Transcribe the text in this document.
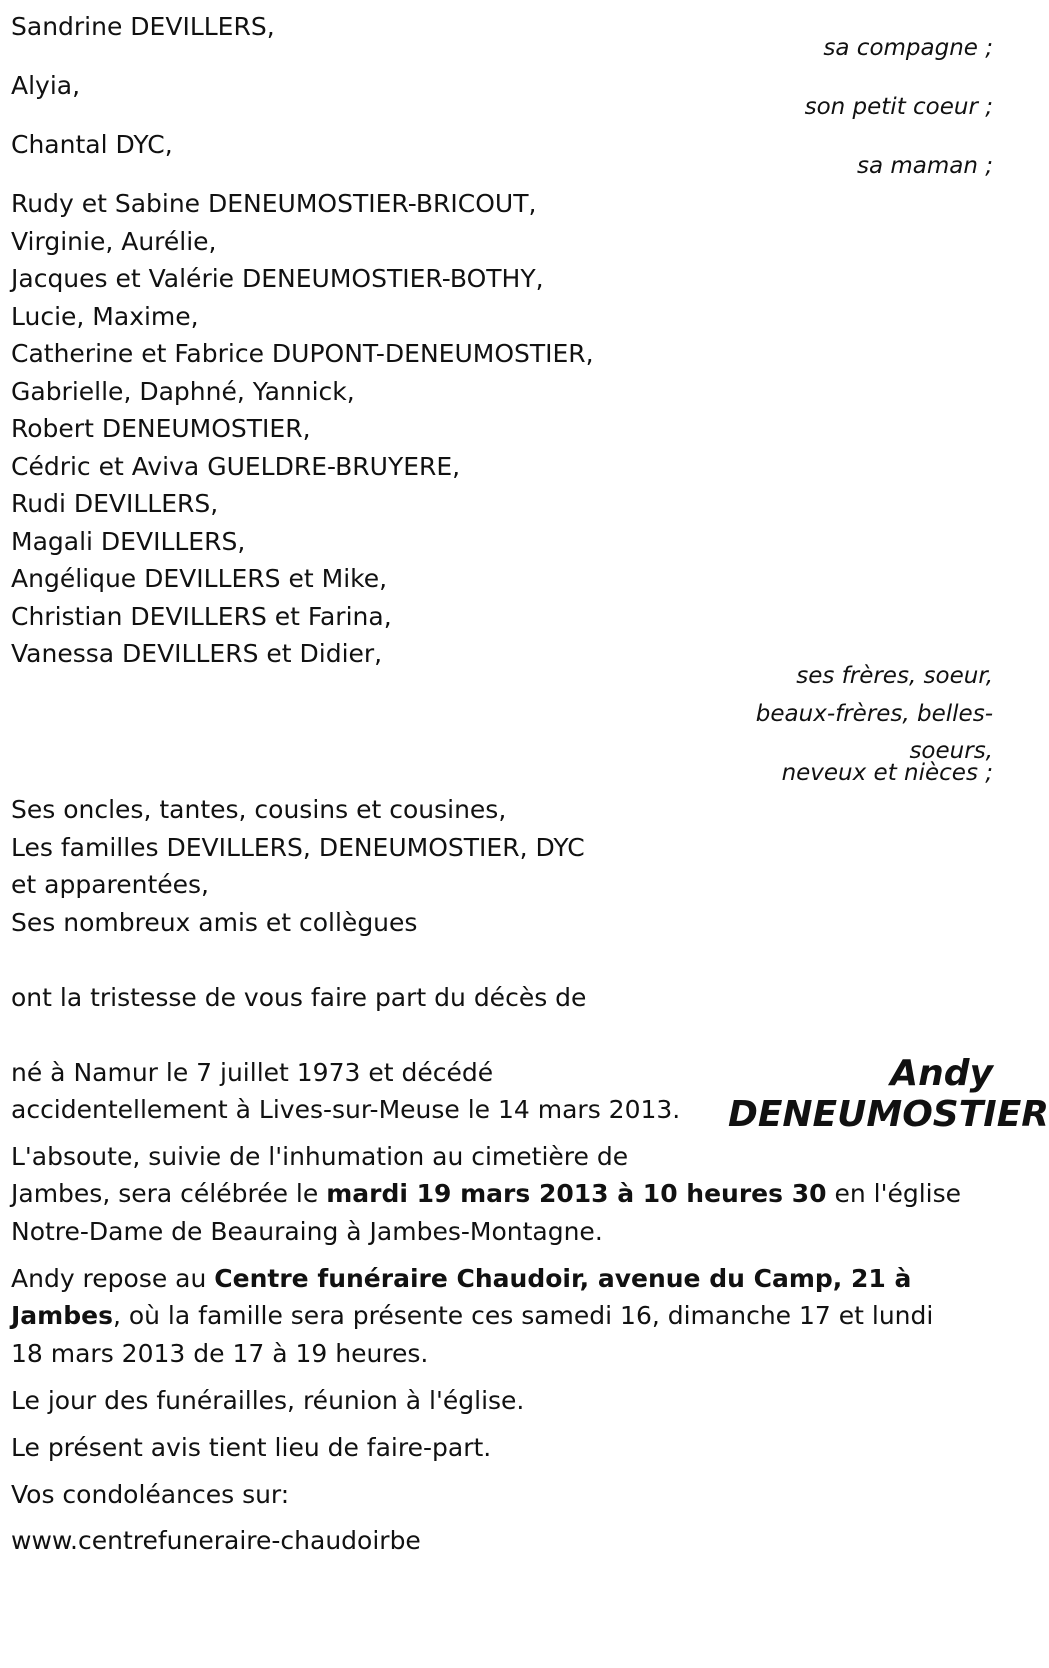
Sandrine DEVILLERS,
sa compagne ;
Alyia,
son petit coeur ;
Chantal DYC,
sa maman ;
Rudy et Sabine DENEUMOSTIER-BRICOUT,
Virginie, Aurélie,
Jacques et Valérie DENEUMOSTIER-BOTHY,
Lucie, Maxime,
Catherine et Fabrice DUPONT-DENEUMOSTIER,
Gabrielle, Daphné, Yannick,
Robert DENEUMOSTIER,
Cédric et Aviva GUELDRE-BRUYERE,
Rudi DEVILLERS,
Magali DEVILLERS,
Angélique DEVILLERS et Mike,
Christian DEVILLERS et Farina,
Vanessa DEVILLERS et Didier,
ses frères, soeur,
beaux-frères, belles-
soeurs,
neveux et nièces ;
Ses oncles, tantes, cousins et cousines,
Les familles DEVILLERS, DENEUMOSTIER, DYC
et apparentées,
Ses nombreux amis et collègues
ont la tristesse de vous faire part du décès de
Andy
DENEUMOSTIER
né à Namur le 7 juillet 1973 et décédé
accidentellement à Lives-sur-Meuse le 14 mars 2013.
L'absoute, suivie de l'inhumation au cimetière de
Jambes, sera célébrée le mardi 19 mars 2013 à 10 heures 30 en l'église
Notre-Dame de Beauraing à Jambes-Montagne.
Andy repose au Centre funéraire Chaudoir, avenue du Camp, 21 à
Jambes, où la famille sera présente ces samedi 16, dimanche 17 et lundi
18 mars 2013 de 17 à 19 heures.
Le jour des funérailles, réunion à l'église.
Le présent avis tient lieu de faire-part.
Vos condoléances sur:
www.centrefuneraire-chaudoirbe
